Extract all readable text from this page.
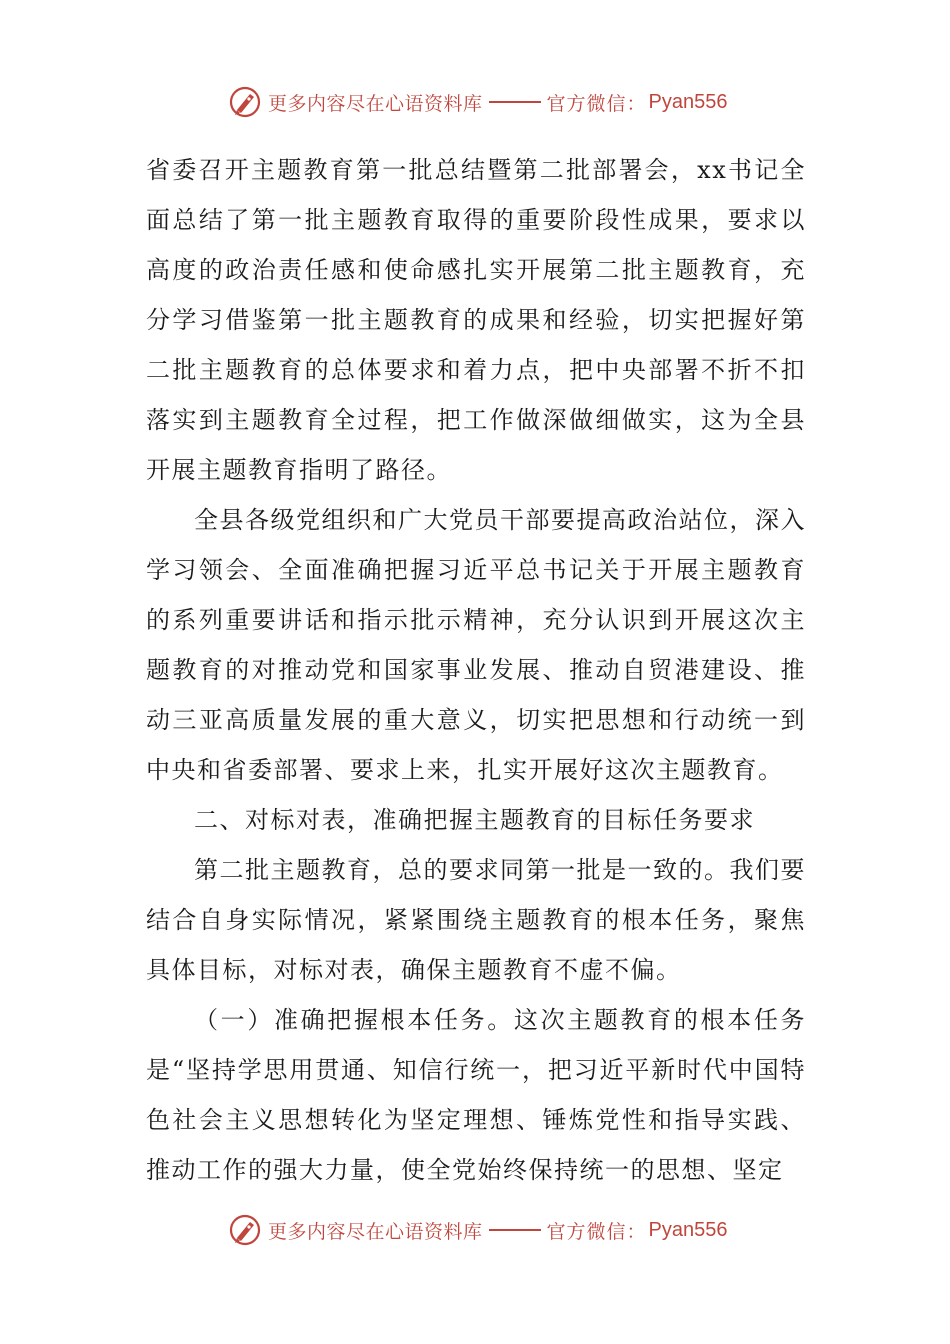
更多内容尽在心语资料库	官方微信： Pyan556

省委召开主题教育第一批总结暨第二批部署会，xx书记全面总结了第一批主题教育取得的重要阶段性成果，要求以高度的政治责任感和使命感扎实开展第二批主题教育，充分学习借鉴第一批主题教育的成果和经验，切实把握好第二批主题教育的总体要求和着力点，把中央部署不折不扣落实到主题教育全过程，把工作做深做细做实，这为全县开展主题教育指明了路径。

全县各级党组织和广大党员干部要提高政治站位，深入学习领会、全面准确把握习近平总书记关于开展主题教育的系列重要讲话和指示批示精神，充分认识到开展这次主题教育的对推动党和国家事业发展、推动自贸港建设、推动三亚高质量发展的重大意义，切实把思想和行动统一到中央和省委部署、要求上来，扎实开展好这次主题教育。

二、对标对表，准确把握主题教育的目标任务要求

第二批主题教育，总的要求同第一批是一致的。我们要结合自身实际情况，紧紧围绕主题教育的根本任务，聚焦具体目标，对标对表，确保主题教育不虚不偏。

（一）准确把握根本任务。这次主题教育的根本任务是“坚持学思用贯通、知信行统一，把习近平新时代中国特色社会主义思想转化为坚定理想、锤炼党性和指导实践、推动工作的强大力量，使全党始终保持统一的思想、坚定

更多内容尽在心语资料库	官方微信： Pyan556
